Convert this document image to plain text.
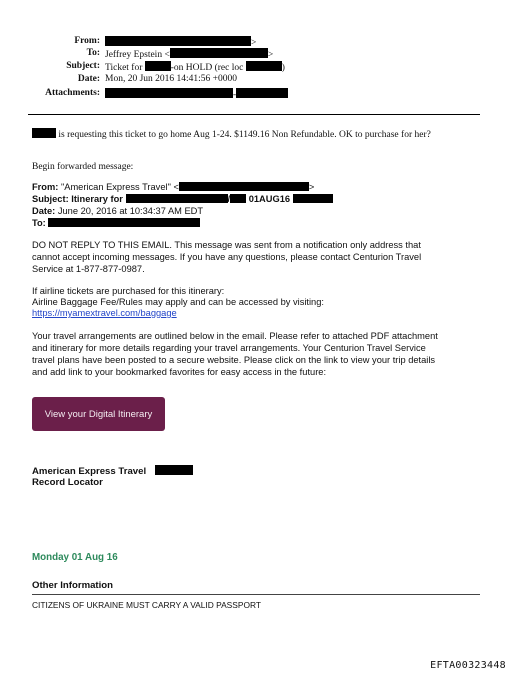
From:	>
To: Jeffrey Epstein <	>
Subject: Ticket for	-on HOLD (rec loc	)
Date: Mon, 20 Jun 2016 14:41:56 +0000
Attachments:	-
is requesting this ticket to go home Aug 1-24. $1149.16 Non Refundable. OK to purchase for her?
Begin forwarded message:
From: "American Express Travel" <	>
Subject: Itinerary for	/ 01AUG16
Date: June 20, 2016 at 10:34:37 AM EDT
To:
DO NOT REPLY TO THIS EMAIL. This message was sent from a notification only address that
cannot accept incoming messages. If you have any questions, please contact Centurion Travel
Service at 1-877-877-0987.
If airline tickets are purchased for this itinerary:
Airline Baggage Fee/Rules may apply and can be accessed by visiting:
https://myamextravel.com/baggage
Your travel arrangements are outlined below in the email. Please refer to attached PDF attachment
and itinerary for more details regarding your travel arrangements. Your Centurion Travel Service
travel plans have been posted to a secure website. Please click on the link to view your trip details
and add link to your bookmarked favorites for easy access in the future:
View your Digital Itinerary
American Express Travel
Record Locator
Monday 01 Aug 16
Other Information
CITIZENS OF UKRAINE MUST CARRY A VALID PASSPORT
EFTA00323448
